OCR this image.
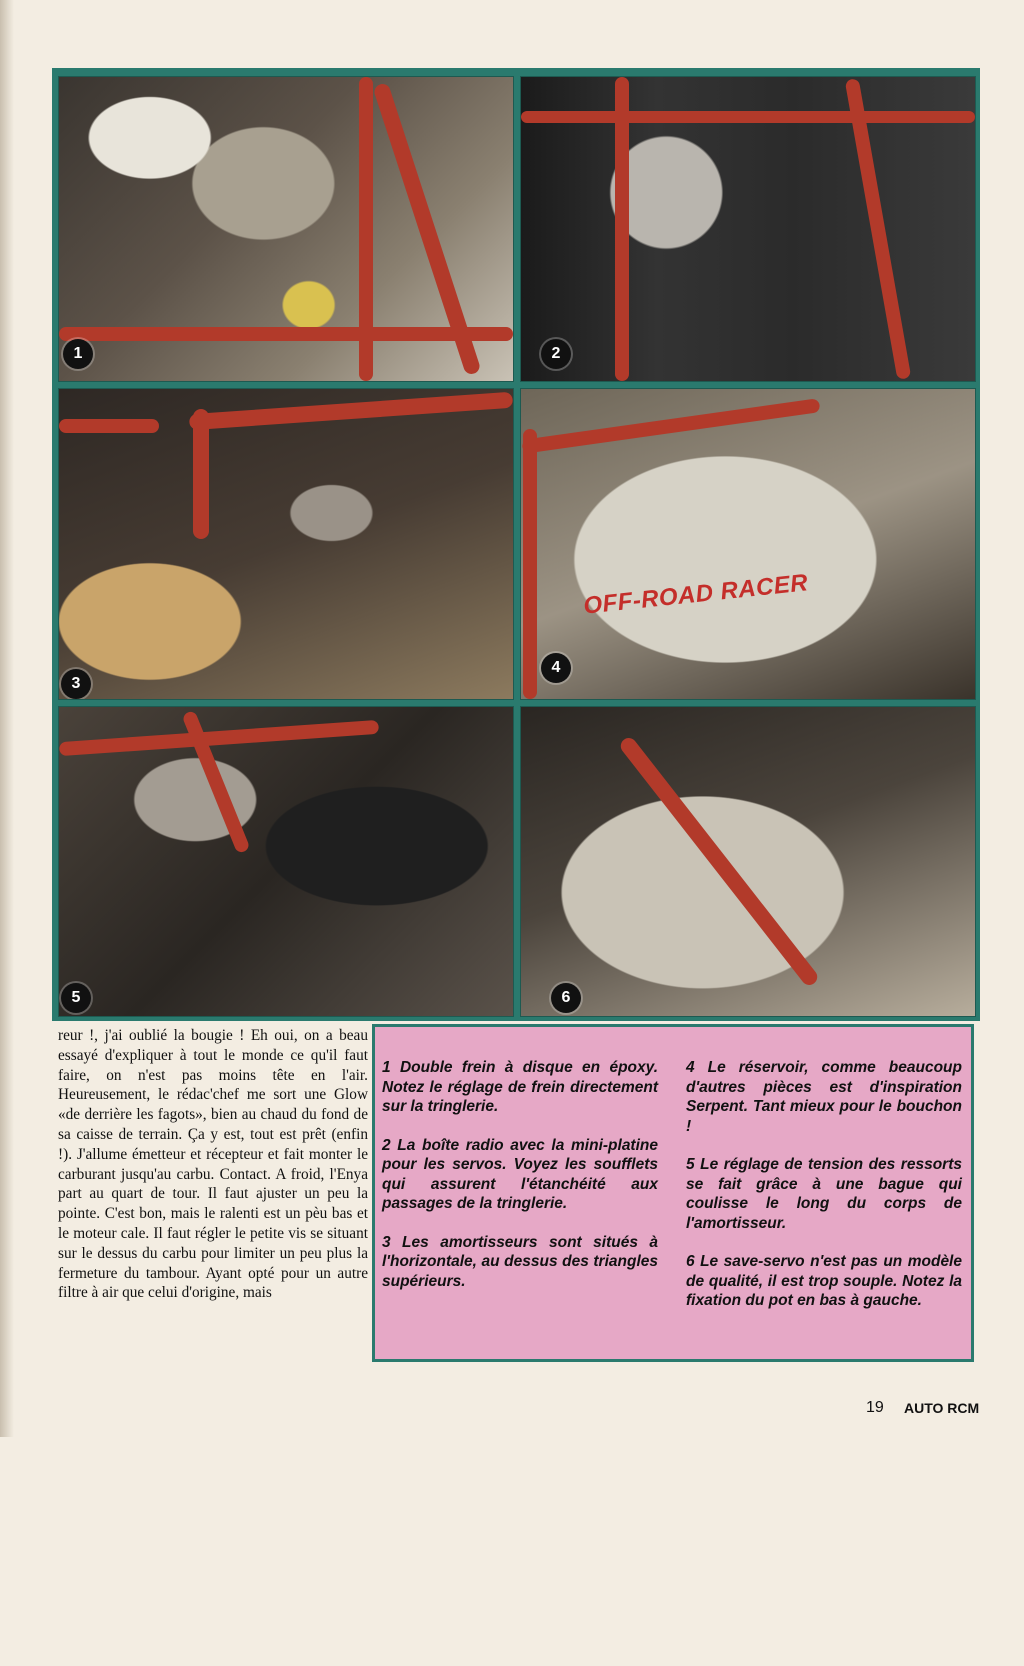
1	2
3
OFF-ROAD RACER
4
5	6

reur !, j'ai oublié la bougie ! Eh oui, on a beau essayé d'expliquer à tout le monde ce qu'il faut faire, on n'est pas moins tête en l'air. Heureusement, le rédac'chef me sort une Glow «de derrière les fagots», bien au chaud du fond de sa caisse de terrain. Ça y est, tout est prêt (enfin !). J'allume émetteur et récepteur et fait monter le carburant jusqu'au carbu. Contact. A froid, l'Enya part au quart de tour. Il faut ajuster un peu la pointe. C'est bon, mais le ralenti est un pèu bas et le moteur cale. Il faut régler le petite vis se situant sur le dessus du carbu pour limiter un peu plus la fermeture du tambour. Ayant opté pour un autre filtre à air que celui d'origine, mais

1 Double frein à disque en époxy. Notez le réglage de frein directement sur la tringlerie.

2 La boîte radio avec la mini-platine pour les servos. Voyez les soufflets qui assurent l'étanchéité aux passages de la tringlerie.

3 Les amortisseurs sont situés à l'horizontale, au dessus des triangles supérieurs.

4 Le réservoir, comme beaucoup d'autres pièces est d'inspiration Serpent. Tant mieux pour le bouchon !

5 Le réglage de tension des ressorts se fait grâce à une bague qui coulisse le long du corps de l'amortisseur.

6 Le save-servo n'est pas un modèle de qualité, il est trop souple. Notez la fixation du pot en bas à gauche.

19 AUTO RCM
